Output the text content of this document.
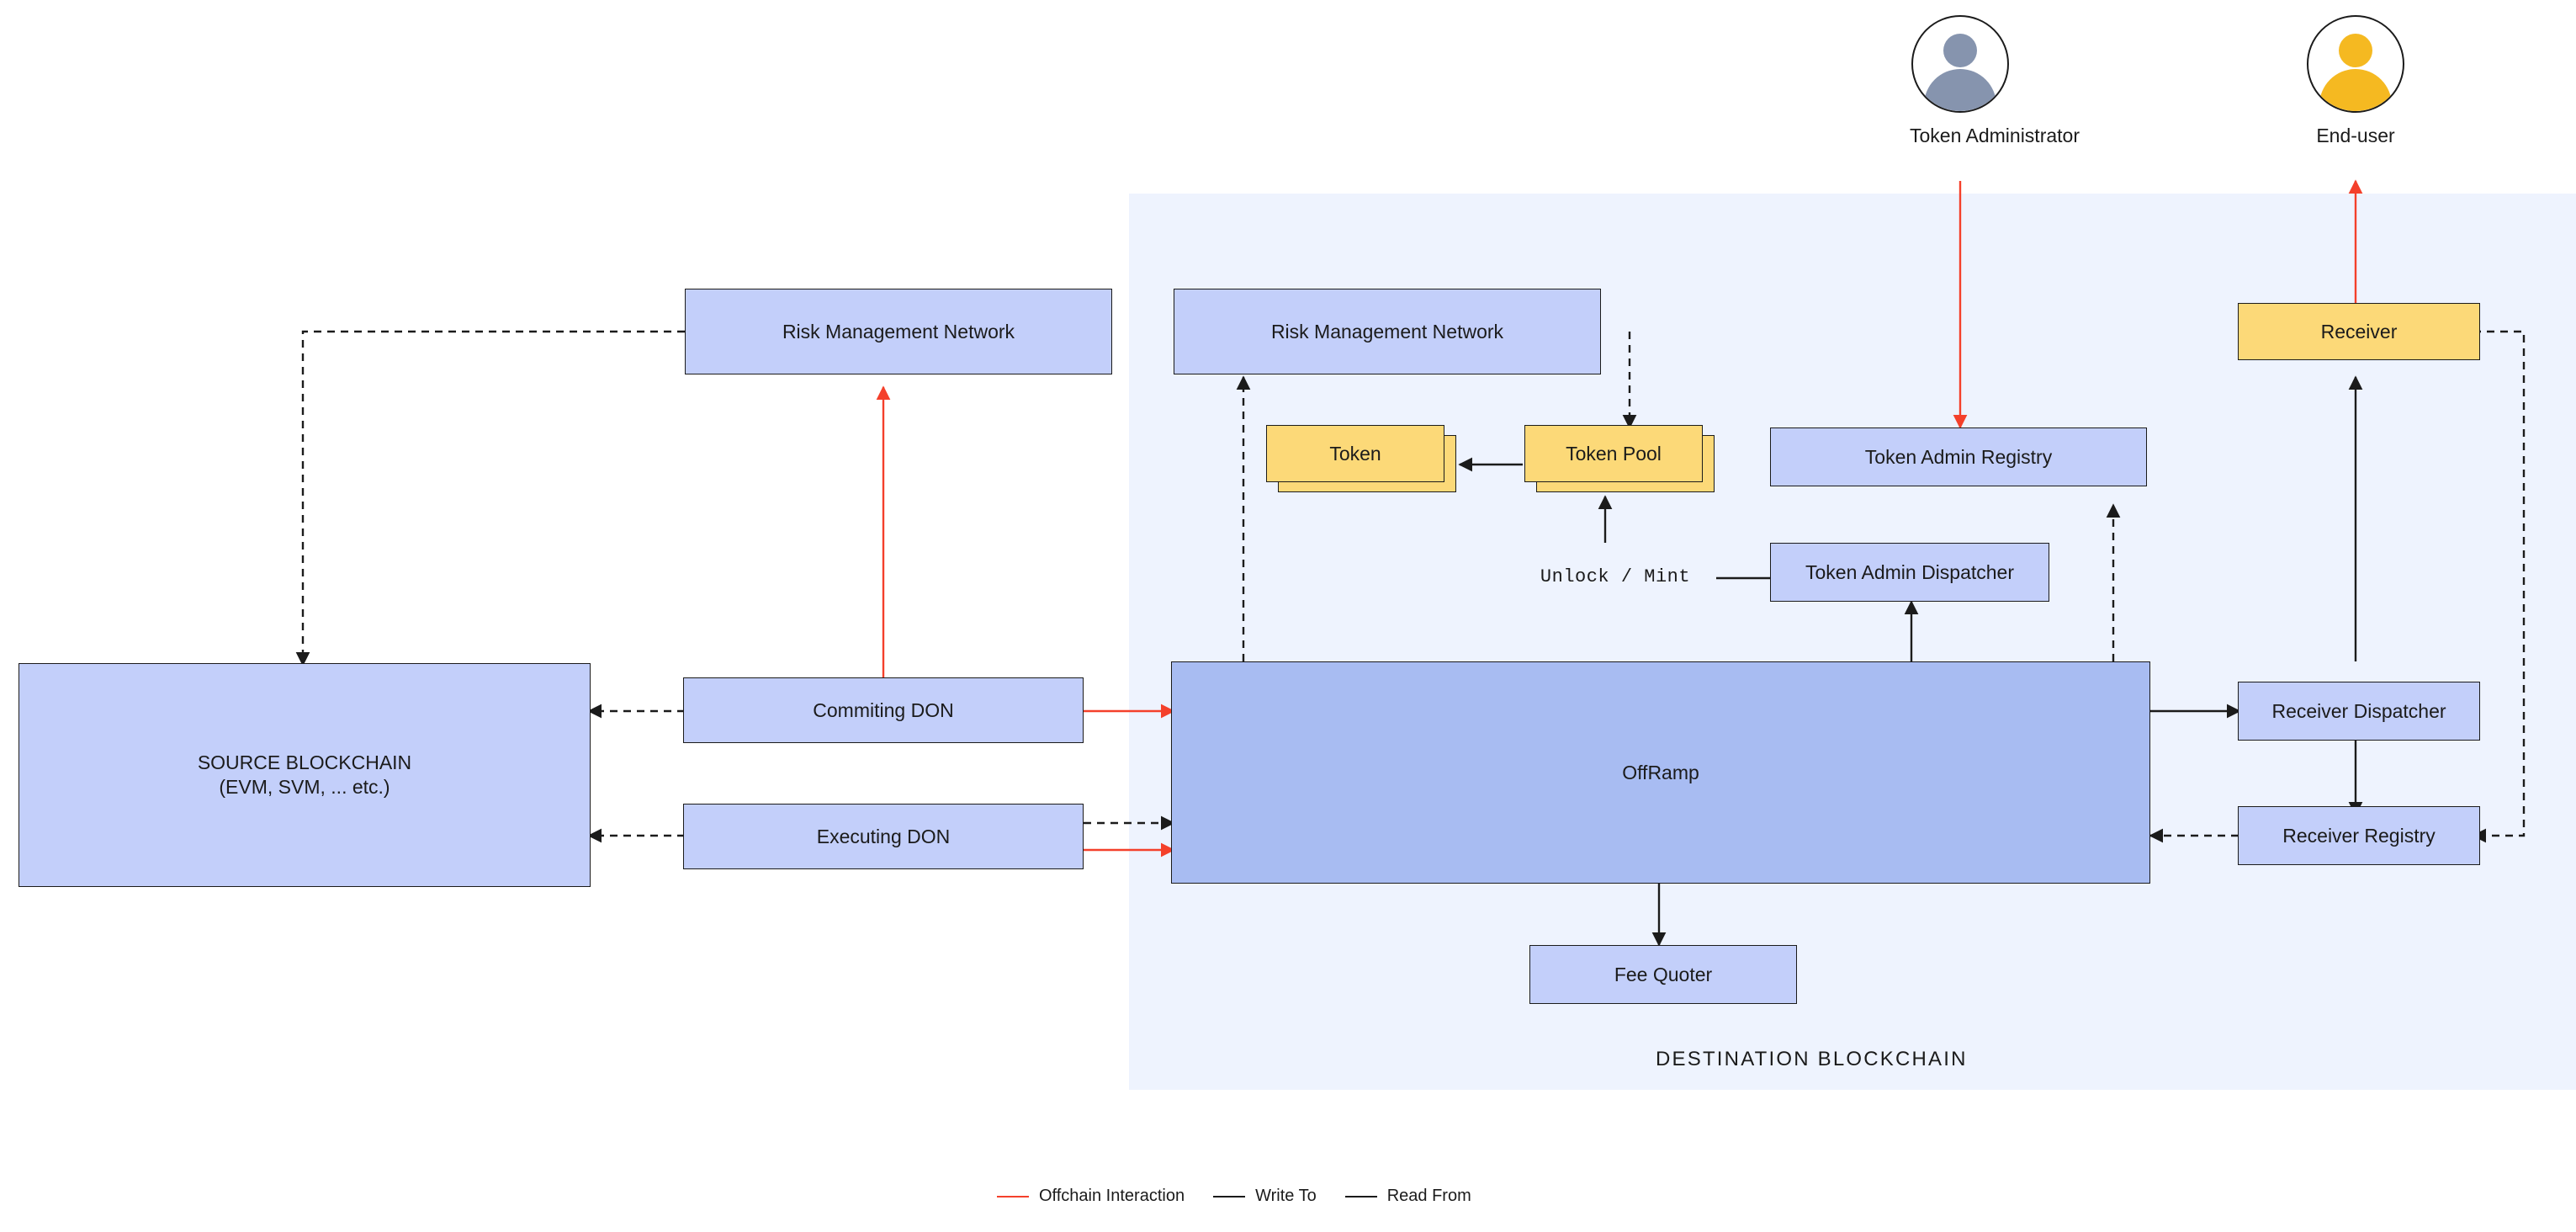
Token Administrator	End-user
SOURCE BLOCKCHAIN
(EVM, SVM, ... etc.)
Risk Management Network
Commiting DON
Executing DON
Risk Management Network
Token	Token Pool	Token Admin Registry
Unlock / Mint	Token Admin Dispatcher
OffRamp
Fee Quoter
Receiver
Receiver Dispatcher
Receiver Registry
DESTINATION BLOCKCHAIN
Offchain Interaction	Write To	Read From
